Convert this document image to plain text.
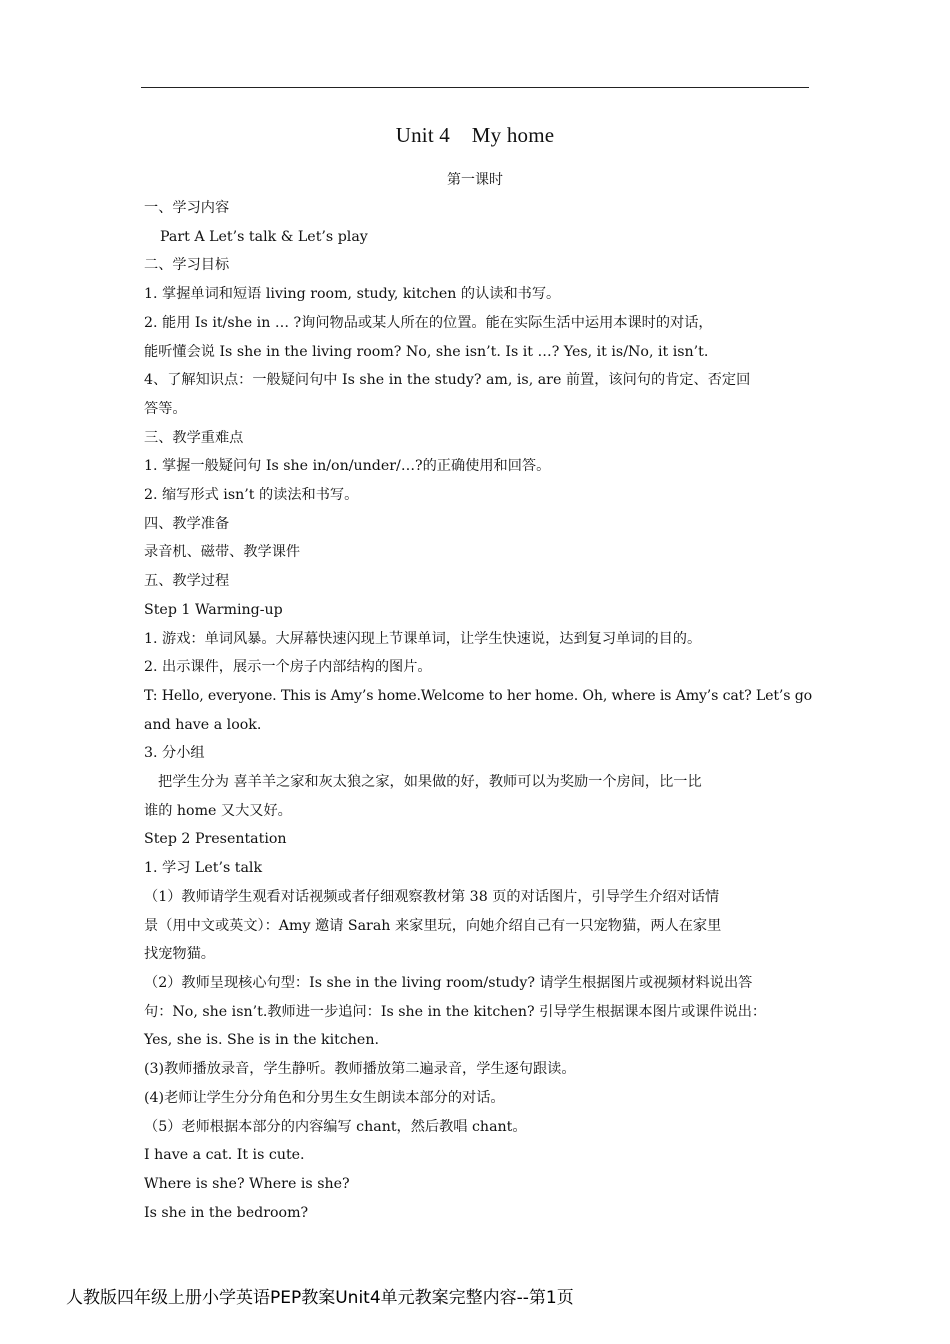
Unit 4    My home
第一课时

一、学习内容

Part A Let’s talk & Let’s play

二、学习目标

1. 掌握单词和短语 living room, study, kitchen 的认读和书写。

2. 能用 Is it/she in … ?询问物品或某人所在的位置。能在实际生活中运用本课时的对话，

能听懂会说 Is she in the living room? No, she isn’t. Is it …? Yes, it is/No, it isn’t.

4、了解知识点：一般疑问句中 Is she in the study? am, is, are 前置，该问句的肯定、否定回

答等。

三、教学重难点

1. 掌握一般疑问句 Is she in/on/under/…?的正确使用和回答。

2. 缩写形式 isn’t 的读法和书写。

四、教学准备

录音机、磁带、教学课件

五、教学过程

Step 1 Warming-up

1. 游戏：单词风暴。大屏幕快速闪现上节课单词，让学生快速说，达到复习单词的目的。

2. 出示课件，展示一个房子内部结构的图片。

T: Hello, everyone. This is Amy’s home.Welcome to her home. Oh, where is Amy’s cat? Let’s go

and have a look.

3. 分小组

把学生分为 喜羊羊之家和灰太狼之家，如果做的好，教师可以为奖励一个房间，比一比

谁的 home 又大又好。

Step 2 Presentation

1. 学习 Let’s talk

（1）教师请学生观看对话视频或者仔细观察教材第 38 页的对话图片，引导学生介绍对话情

景（用中文或英文）：Amy 邀请 Sarah 来家里玩，向她介绍自己有一只宠物猫，两人在家里

找宠物猫。

（2）教师呈现核心句型：Is she in the living room/study? 请学生根据图片或视频材料说出答

句：No, she isn’t.教师进一步追问：Is she in the kitchen? 引导学生根据课本图片或课件说出：

Yes, she is. She is in the kitchen.

(3)教师播放录音，学生静听。教师播放第二遍录音，学生逐句跟读。

(4)老师让学生分分角色和分男生女生朗读本部分的对话。

（5）老师根据本部分的内容编写 chant，然后教唱 chant。

I have a cat. It is cute.

Where is she? Where is she?

Is she in the bedroom?

人教版四年级上册小学英语PEP教案Unit4单元教案完整内容--第1页
